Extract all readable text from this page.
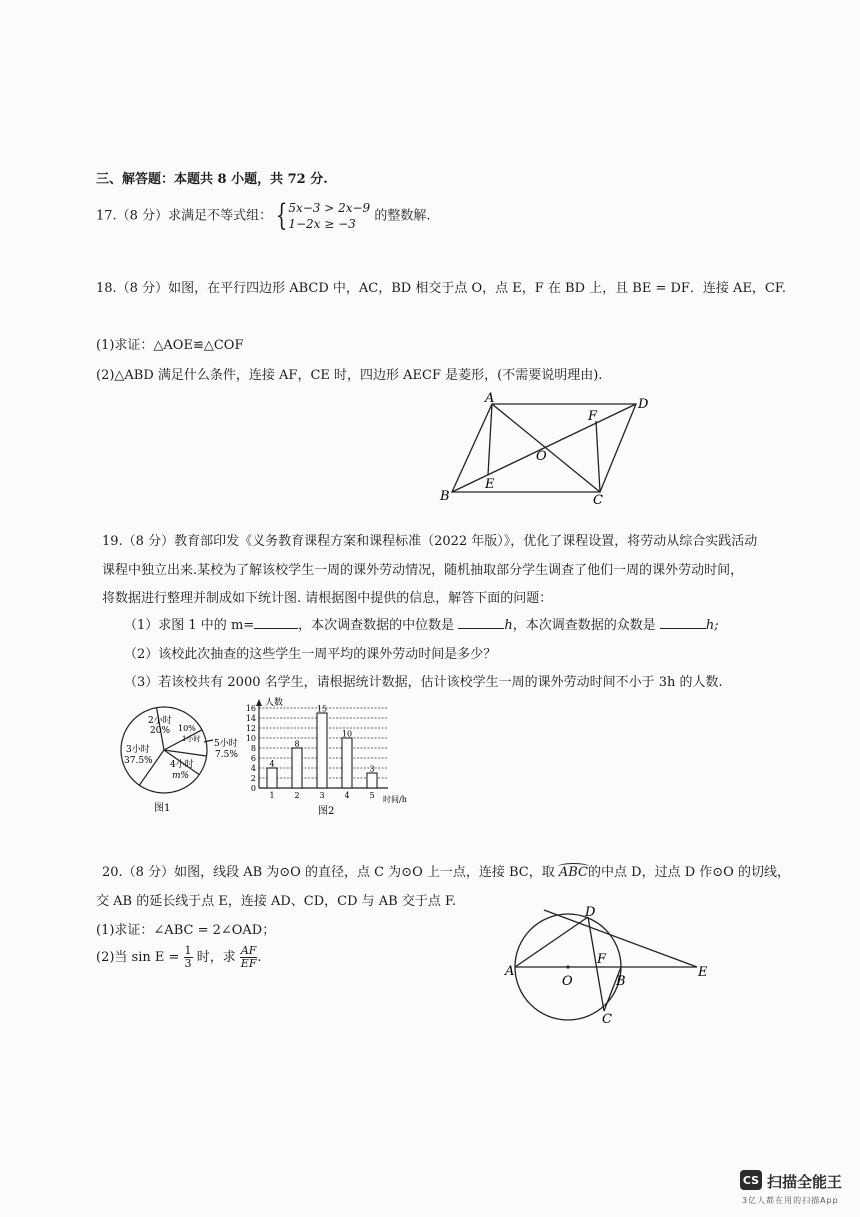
三、解答题：本题共 8 小题，共 72 分.
17.（8 分）求满足不等式组： { 5x−3 > 2x−9
1−2x ≥ −3
的整数解.
18.（8 分）如图，在平行四边形 ABCD 中，AC，BD 相交于点 O，点 E，F 在 BD 上，且 BE = DF．连接 AE，CF.
(1)求证：△AOE≌△COF
(2)△ABD 满足什么条件，连接 AF，CE 时，四边形 AECF 是菱形，(不需要说明理由).
A	D
B	C
E
F
O
19.（8 分）教育部印发《义务教育课程方案和课程标准（2022 年版）》，优化了课程设置，将劳动从综合实践活动
课程中独立出来.某校为了解该校学生一周的课外劳动情况，随机抽取部分学生调查了他们一周的课外劳动时间，
将数据进行整理并制成如下统计图. 请根据图中提供的信息，解答下面的问题：
（1）求图 1 中的 m=	，本次调查数据的中位数是	h，本次调查数据的众数是	h;
（2）该校此次抽查的这些学生一周平均的课外劳动时间是多少？
（3）若该校共有 2000 名学生，请根据统计数据，估计该校学生一周的课外劳动时间不小于 3h 的人数.
2小时
20% 10%
1小时 5小时
7.5%
4小时
m%
3小时
37.5%
图1
人数
0
2
4
6
8
10
12
14
16
4
8
15
10
3
1 2 3 4 5 时间/h
图2
20.（8 分）如图，线段 AB 为⊙O 的直径，点 C 为⊙O 上一点，连接 BC，取 ABC的中点 D，过点 D 作⊙O 的切线，
交 AB 的延长线于点 E，连接 AD、CD，CD 与 AB 交于点 F.
(1)求证：∠ABC = 2∠OAD；
(2)当 $\sin E = \frac{1}{3}$ 时，求 $\frac{AF}{EF}$ .
A
O
D
F
B
C
E
CS 扫描全能王
3亿人都在用的扫描App
